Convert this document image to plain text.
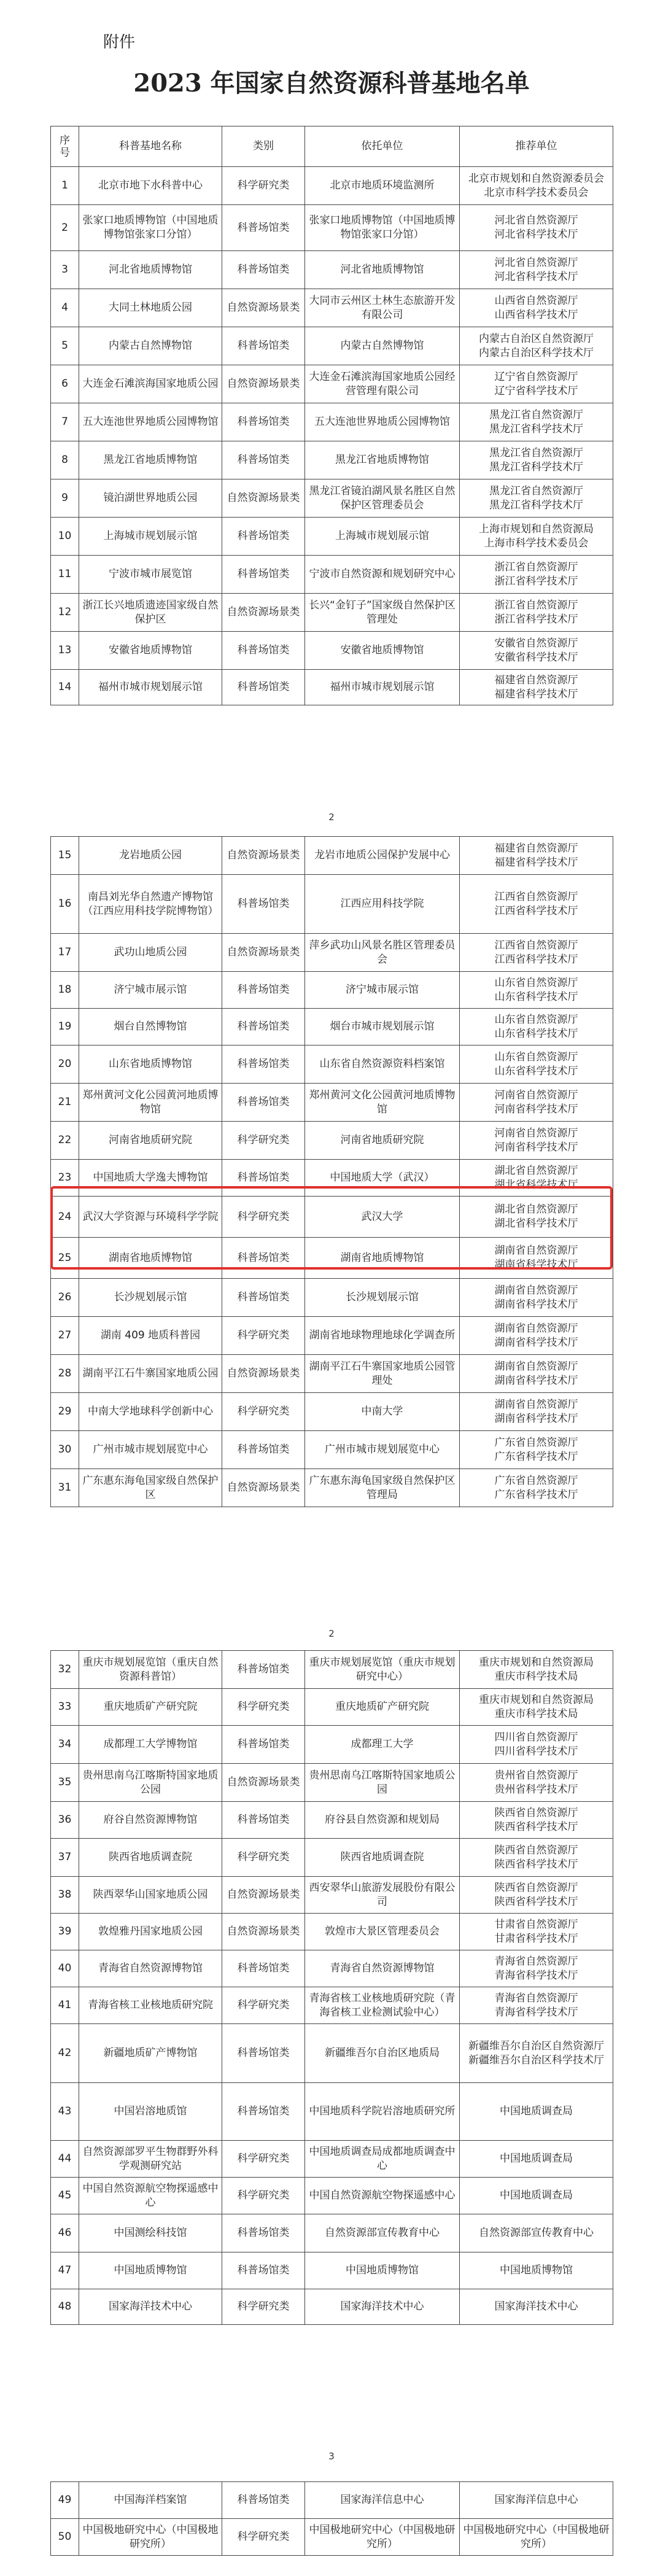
附件
2023 年国家自然资源科普基地名单
序
号	科普基地名称	类别	依托单位	推荐单位
1	北京市地下水科普中心	科学研究类	北京市地质环境监测所	北京市规划和自然资源委员会
北京市科学技术委员会
2	张家口地质博物馆（中国地质博物馆张家口分馆）	科普场馆类	张家口地质博物馆（中国地质博物馆张家口分馆）	河北省自然资源厅
河北省科学技术厅
3	河北省地质博物馆	科普场馆类	河北省地质博物馆	河北省自然资源厅
河北省科学技术厅
4	大同土林地质公园	自然资源场景类	大同市云州区土林生态旅游开发有限公司	山西省自然资源厅
山西省科学技术厅
5	内蒙古自然博物馆	科普场馆类	内蒙古自然博物馆	内蒙古自治区自然资源厅
内蒙古自治区科学技术厅
6	大连金石滩滨海国家地质公园	自然资源场景类	大连金石滩滨海国家地质公园经营管理有限公司	辽宁省自然资源厅
辽宁省科学技术厅
7	五大连池世界地质公园博物馆	科普场馆类	五大连池世界地质公园博物馆	黑龙江省自然资源厅
黑龙江省科学技术厅
8	黑龙江省地质博物馆	科普场馆类	黑龙江省地质博物馆	黑龙江省自然资源厅
黑龙江省科学技术厅
9	镜泊湖世界地质公园	自然资源场景类	黑龙江省镜泊湖风景名胜区自然保护区管理委员会	黑龙江省自然资源厅
黑龙江省科学技术厅
10	上海城市规划展示馆	科普场馆类	上海城市规划展示馆	上海市规划和自然资源局
上海市科学技术委员会
11	宁波市城市展览馆	科普场馆类	宁波市自然资源和规划研究中心	浙江省自然资源厅
浙江省科学技术厅
12	浙江长兴地质遗迹国家级自然保护区	自然资源场景类	长兴“金钉子”国家级自然保护区管理处	浙江省自然资源厅
浙江省科学技术厅
13	安徽省地质博物馆	科普场馆类	安徽省地质博物馆	安徽省自然资源厅
安徽省科学技术厅
14	福州市城市规划展示馆	科普场馆类	福州市城市规划展示馆	福建省自然资源厅
福建省科学技术厅
2
15	龙岩地质公园	自然资源场景类	龙岩市地质公园保护发展中心	福建省自然资源厅
福建省科学技术厅
16	南昌刘光华自然遗产博物馆（江西应用科技学院博物馆）	科普场馆类	江西应用科技学院	江西省自然资源厅
江西省科学技术厅
17	武功山地质公园	自然资源场景类	萍乡武功山风景名胜区管理委员会	江西省自然资源厅
江西省科学技术厅
18	济宁城市展示馆	科普场馆类	济宁城市展示馆	山东省自然资源厅
山东省科学技术厅
19	烟台自然博物馆	科普场馆类	烟台市城市规划展示馆	山东省自然资源厅
山东省科学技术厅
20	山东省地质博物馆	科普场馆类	山东省自然资源资料档案馆	山东省自然资源厅
山东省科学技术厅
21	郑州黄河文化公园黄河地质博物馆	科普场馆类	郑州黄河文化公园黄河地质博物馆	河南省自然资源厅
河南省科学技术厅
22	河南省地质研究院	科学研究类	河南省地质研究院	河南省自然资源厅
河南省科学技术厅
23	中国地质大学逸夫博物馆	科普场馆类	中国地质大学（武汉）	湖北省自然资源厅
湖北省科学技术厅
24	武汉大学资源与环境科学学院	科学研究类	武汉大学	湖北省自然资源厅
湖北省科学技术厅
25	湖南省地质博物馆	科普场馆类	湖南省地质博物馆	湖南省自然资源厅
湖南省科学技术厅
26	长沙规划展示馆	科普场馆类	长沙规划展示馆	湖南省自然资源厅
湖南省科学技术厅
27	湖南 409 地质科普园	科学研究类	湖南省地球物理地球化学调查所	湖南省自然资源厅
湖南省科学技术厅
28	湖南平江石牛寨国家地质公园	自然资源场景类	湖南平江石牛寨国家地质公园管理处	湖南省自然资源厅
湖南省科学技术厅
29	中南大学地球科学创新中心	科学研究类	中南大学	湖南省自然资源厅
湖南省科学技术厅
30	广州市城市规划展览中心	科普场馆类	广州市城市规划展览中心	广东省自然资源厅
广东省科学技术厅
31	广东惠东海龟国家级自然保护区	自然资源场景类	广东惠东海龟国家级自然保护区管理局	广东省自然资源厅
广东省科学技术厅
2
32	重庆市规划展览馆（重庆自然资源科普馆）	科普场馆类	重庆市规划展览馆（重庆市规划研究中心）	重庆市规划和自然资源局
重庆市科学技术局
33	重庆地质矿产研究院	科学研究类	重庆地质矿产研究院	重庆市规划和自然资源局
重庆市科学技术局
34	成都理工大学博物馆	科普场馆类	成都理工大学	四川省自然资源厅
四川省科学技术厅
35	贵州思南乌江喀斯特国家地质公园	自然资源场景类	贵州思南乌江喀斯特国家地质公园	贵州省自然资源厅
贵州省科学技术厅
36	府谷自然资源博物馆	科普场馆类	府谷县自然资源和规划局	陕西省自然资源厅
陕西省科学技术厅
37	陕西省地质调查院	科学研究类	陕西省地质调查院	陕西省自然资源厅
陕西省科学技术厅
38	陕西翠华山国家地质公园	自然资源场景类	西安翠华山旅游发展股份有限公司	陕西省自然资源厅
陕西省科学技术厅
39	敦煌雅丹国家地质公园	自然资源场景类	敦煌市大景区管理委员会	甘肃省自然资源厅
甘肃省科学技术厅
40	青海省自然资源博物馆	科普场馆类	青海省自然资源博物馆	青海省自然资源厅
青海省科学技术厅
41	青海省核工业核地质研究院	科学研究类	青海省核工业核地质研究院（青海省核工业检测试验中心）	青海省自然资源厅
青海省科学技术厅
42	新疆地质矿产博物馆	科普场馆类	新疆维吾尔自治区地质局	新疆维吾尔自治区自然资源厅
新疆维吾尔自治区科学技术厅
43	中国岩溶地质馆	科普场馆类	中国地质科学院岩溶地质研究所	中国地质调查局
44	自然资源部罗平生物群野外科学观测研究站	科学研究类	中国地质调查局成都地质调查中心	中国地质调查局
45	中国自然资源航空物探遥感中心	科学研究类	中国自然资源航空物探遥感中心	中国地质调查局
46	中国测绘科技馆	科普场馆类	自然资源部宣传教育中心	自然资源部宣传教育中心
47	中国地质博物馆	科普场馆类	中国地质博物馆	中国地质博物馆
48	国家海洋技术中心	科学研究类	国家海洋技术中心	国家海洋技术中心
3
49	中国海洋档案馆	科普场馆类	国家海洋信息中心	国家海洋信息中心
50	中国极地研究中心（中国极地研究所）	科学研究类	中国极地研究中心（中国极地研究所）	中国极地研究中心（中国极地研究所）
